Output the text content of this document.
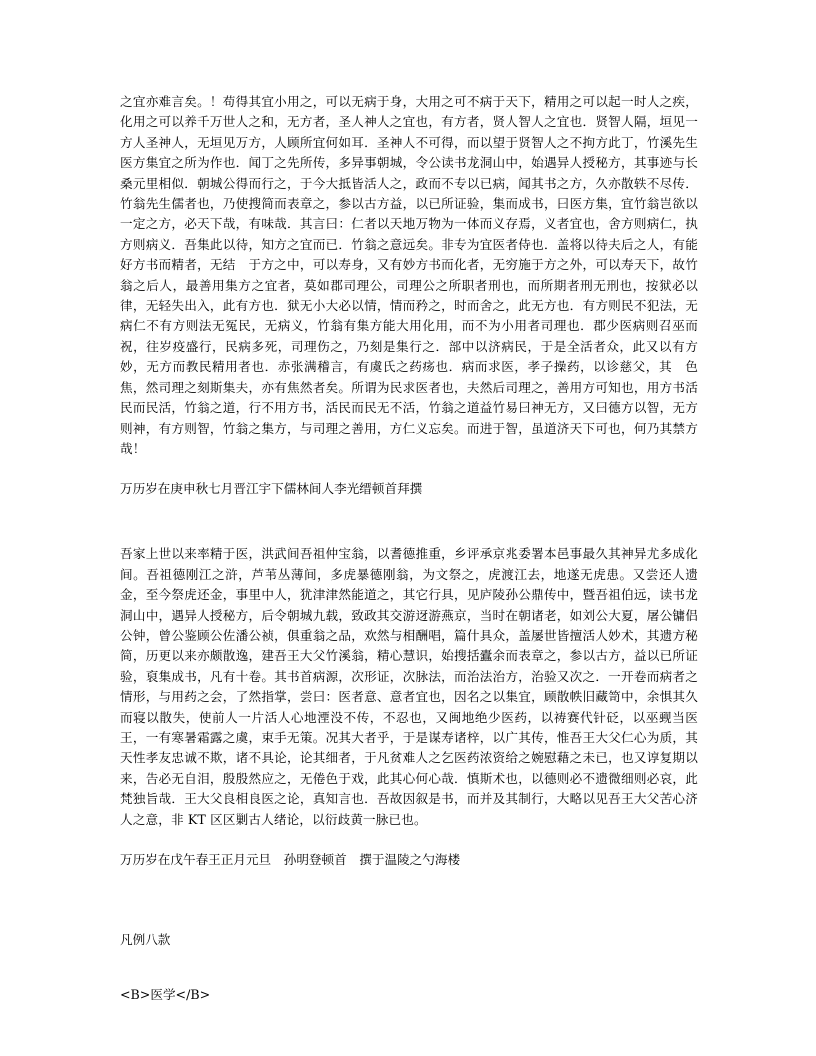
之宜亦难言矣。！苟得其宜小用之，可以无病于身，大用之可不病于天下，精用之可以起一时人之疾，化用之可以养千万世人之和，无方者，圣人神人之宜也，有方者，贤人智人之宜也．贤智人隔，垣见一方人圣神人，无垣见万方，人顾所宜何如耳．圣神人不可得，而以望于贤智人之不拘方此丁，竹溪先生医方集宜之所为作也．闻丁之先所传，多异事朝城，令公读书龙洞山中，始遇异人授秘方，其事迹与长桑元里相似．朝城公得而行之，于今大抵皆活人之，政而不专以已病，闻其书之方，久亦散轶不尽传．竹翁先生儒者也，乃使搜简而表章之，参以古方益，以已所证验，集而成书，曰医方集，宜竹翁岂欲以一定之方，必天下哉，有味哉．其言曰：仁者以天地万物为一体而义存焉，义者宜也，舍方则病仁，执方则病义．吾集此以待，知方之宜而已．竹翁之意远矣。非专为宜医者侍也．盖将以待夫后之人，有能好方书而精者，无结　于方之中，可以寿身，又有妙方书而化者，无穷施于方之外，可以寿天下，故竹翁之后人，最善用集方之宜者，莫如郡司理公，司理公之所职者刑也，而所期者刑无刑也，按狱必以律，无轻失出入，此有方也．狱无小大必以情，情而矜之，时而舍之，此无方也．有方则民不犯法，无病仁不有方则法无冤民，无病义，竹翁有集方能大用化用，而不为小用者司理也．郡少医病则召巫而祝，往岁疫盛行，民病多死，司理伤之，乃刻是集行之．部中以济病民，于是全活者众，此又以有方妙，无方而教民精用者也．赤张满稽言，有虞氏之药疡也．病而求医，孝子操药，以诊慈父，其　色焦，然司理之刻斯集夫，亦有焦然者矣。所谓为民求医者也，夫然后司理之，善用方可知也，用方书活民而民活，竹翁之道，行不用方书，活民而民无不活，竹翁之道益竹易曰神无方，又曰德方以智，无方则神，有方则智，竹翁之集方，与司理之善用，方仁义忘矣。而进于智，虽道济天下可也，何乃其禁方哉！

万历岁在庚申秋七月晋江宇下儒林间人李光缙顿首拜撰

吾家上世以来率精于医，洪武间吾祖仲宝翁，以耆德推重，乡评承京兆委署本邑事最久其神异尤多成化间。吾祖德刚江之浒，芦苇丛薄间，多虎暴德刚翁，为文祭之，虎渡江去，地遂无虎患。又尝还人遗金，至今祭虎还金，事里中人，犹津津然能道之，其它行具，见庐陵孙公鼎传中，暨吾祖伯远，读书龙洞山中，遇异人授秘方，后令朝城九载，致政其交游迓游燕京，当时在朝诸老，如刘公大夏，屠公镛侣公钟，曾公鉴顾公佐潘公祯，俱重翁之品，欢然与相酬唱，篇什具众，盖屡世皆擅活人妙术，其遗方秘简，历更以来亦颇散逸，建吾王大父竹溪翁，精心慧识，始搜括蠹余而表章之，参以古方，益以已所证验，裒集成书，凡有十卷。其书首病源，次形证，次脉法，而治法治方，治验又次之．一开卷而病者之情形，与用药之会，了然指掌，尝曰：医者意、意者宜也，因名之以集宜，顾散帙旧藏笥中，余惧其久而寝以散失，使前人一片活人心地湮没不传，不忍也，又闽地绝少医药，以祷赛代针砭，以巫觋当医王，一有寒暑霜露之虞，束手无策。况其大者乎，于是谋寿诸梓，以广其传，惟吾王大父仁心为质，其天性孝友忠诚不欺，诸不具论，论其细者，于凡贫难人之乞医药浓资给之婉慰藉之未已，也又谆复期以来，告必无自泪，殷殷然应之，无倦色于戏，此其心何心哉．慎斯术也，以德则必不遗微细则必哀，此梵独旨哉．王大父良相良医之论，真知言也．吾故因叙是书，而并及其制行，大略以见吾王大父苦心济人之意，非 KT 区区剿古人绪论，以衍歧黄一脉已也。

万历岁在戊午春王正月元旦　孙明登顿首　撰于温陵之勺海楼

凡例八款

<B>医学</B>
